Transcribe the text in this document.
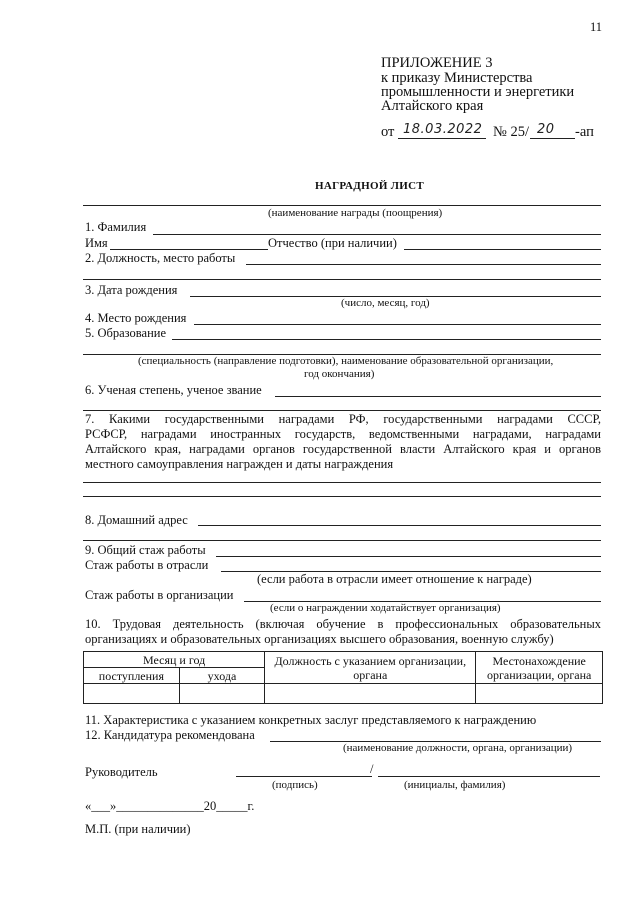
11
ПРИЛОЖЕНИЕ 3
к приказу Министерства
промышленности и энергетики
Алтайского края
от 18.03.2022 № 25/ 20 -ап
НАГРАДНОЙ ЛИСТ
(наименование награды (поощрения)
1. Фамилия
Имя	Отчество (при наличии)
2. Должность, место работы
3. Дата рождения
(число, месяц, год)
4. Место рождения
5. Образование
(специальность (направление подготовки), наименование образовательной организации,
год окончания)
6. Ученая степень, ученое звание
7. Какими государственными наградами РФ, государственными наградами СССР,
РСФСР, наградами иностранных государств, ведомственными наградами, наградами
Алтайского края, наградами органов государственной власти Алтайского края и органов
местного самоуправления награжден и даты награждения
8. Домашний адрес
9. Общий стаж работы
Стаж работы в отрасли
(если работа в отрасли имеет отношение к награде)
Стаж работы в организации
(если о награждении ходатайствует организация)
10. Трудовая деятельность (включая обучение в профессиональных образовательных
организациях и образовательных организациях высшего образования, военную службу)
Месяц и год		Должность с указанием организации, органа	Местонахождение организации, органа
поступления	ухода		

11. Характеристика с указанием конкретных заслуг представляемого к награждению
12. Кандидатура рекомендована
(наименование должности, органа, организации)
Руководитель	/
(подпись)	(инициалы, фамилия)
«___»______________20_____г.
М.П. (при наличии)
